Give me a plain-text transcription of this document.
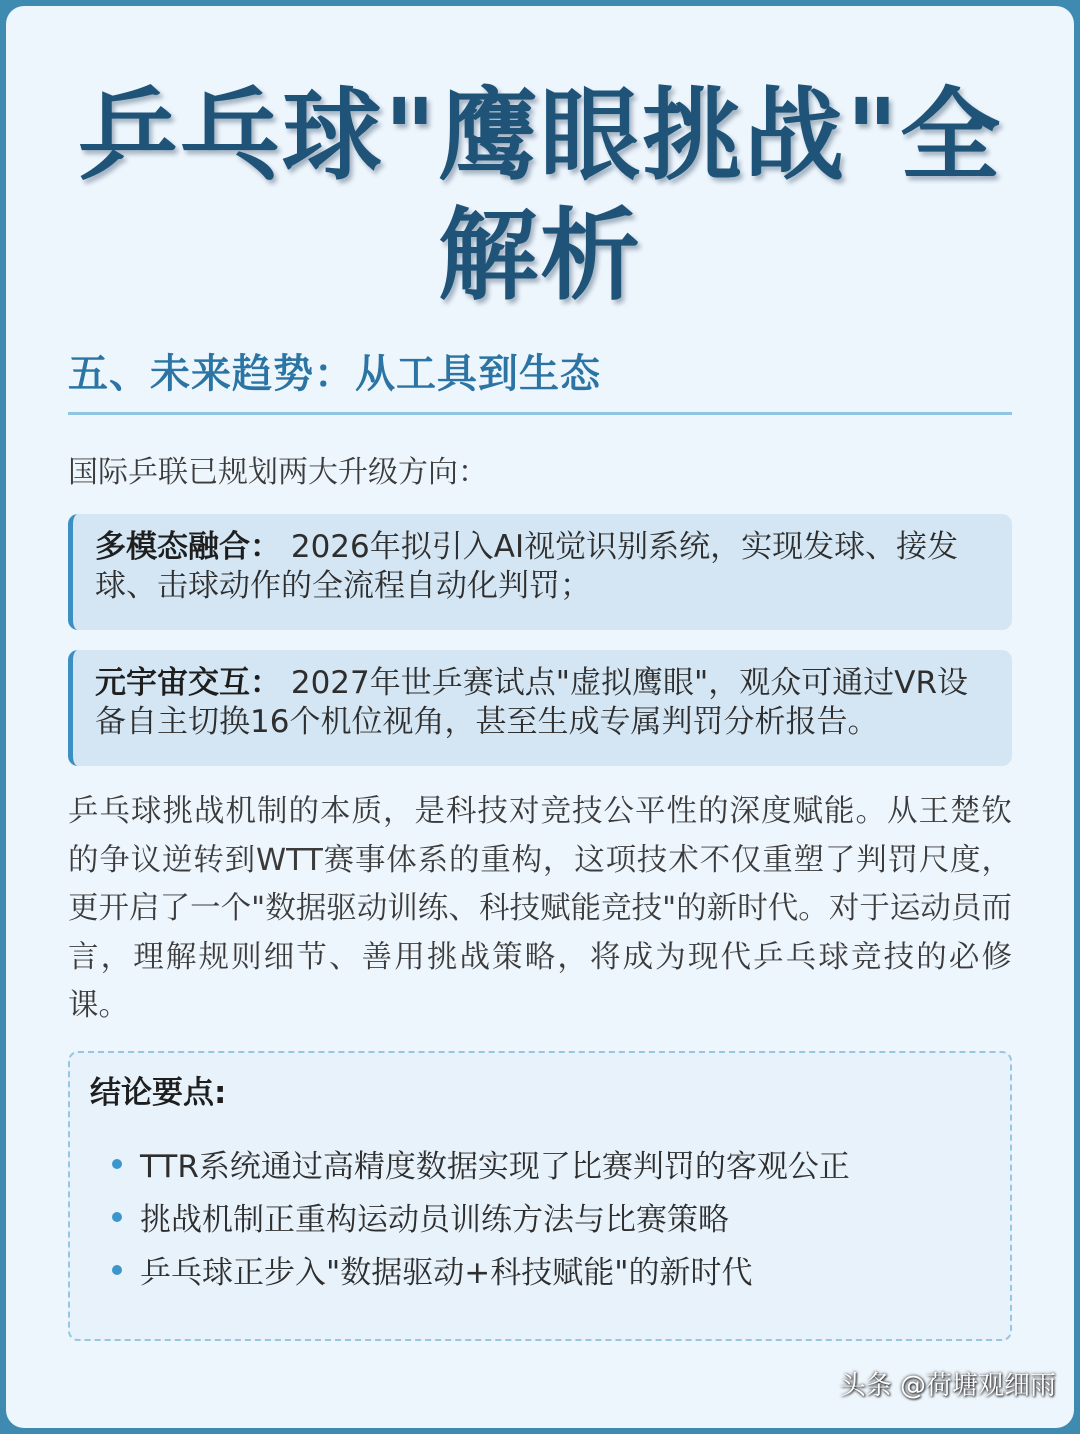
乒乓球"鹰眼挑战"全
解析
五、未来趋势：从工具到生态

国际乒联已规划两大升级方向：

多模态融合： 2026年拟引入AI视觉识别系统，实现发球、接发球、击球动作的全流程自动化判罚；
元宇宙交互： 2027年世乒赛试点"虚拟鹰眼"，观众可通过VR设备自主切换16个机位视角，甚至生成专属判罚分析报告。

乒乓球挑战机制的本质，是科技对竞技公平性的深度赋能。从王楚钦的争议逆转到WTT赛事体系的重构，这项技术不仅重塑了判罚尺度，更开启了一个"数据驱动训练、科技赋能竞技"的新时代。对于运动员而言，理解规则细节、善用挑战策略，将成为现代乒乓球竞技的必修课。

结论要点:
TTR系统通过高精度数据实现了比赛判罚的客观公正
挑战机制正重构运动员训练方法与比赛策略
乒乓球正步入"数据驱动+科技赋能"的新时代
头条 @荷塘观细雨
